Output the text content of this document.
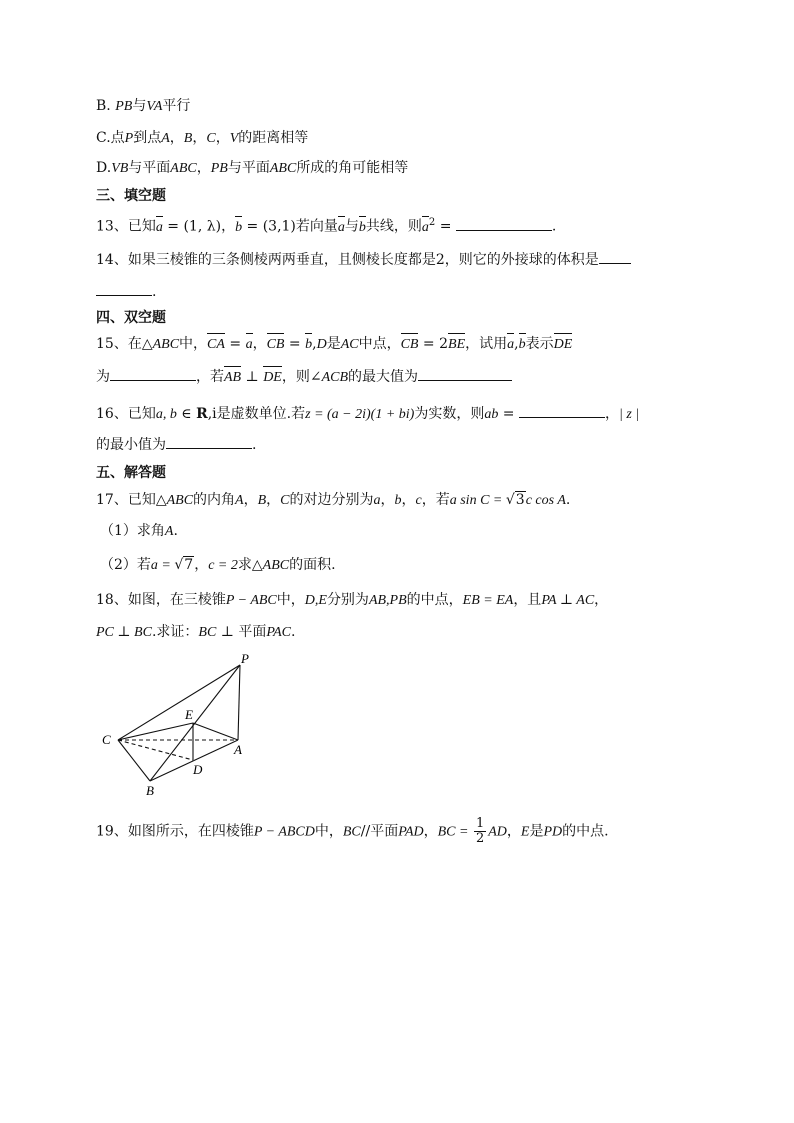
B. PB与VA平行
C.点P到点A，B，C，V的距离相等
D.VB与平面ABC，PB与平面ABC所成的角可能相等
三、填空题
13、已知a = (1, λ)，b = (3,1)若向量a与b共线，则$a^2$ =	.
14、如果三棱锥的三条侧棱两两垂直，且侧棱长度都是2，则它的外接球的体积是
.
四、双空题
15、在△ABC中，CA = a，CB = b,D是AC中点，CB = 2BE，试用a,b表示DE
为	，若AB ⊥ DE，则∠ACB的最大值为
16、已知a, b ∈ R,i是虚数单位.若z = (a − 2i)(1 + bi)为实数，则ab =	，| z |
的最小值为	.
五、解答题
17、已知△ABC的内角A，B，C的对边分别为a，b，c，若a sin C = √3c cos A.
（1）求角A.
（2）若a = √7，c = 2求△ABC的面积.
18、如图，在三棱锥P − ABC中，D,E分别为AB,PB的中点，EB = EA，且PA ⊥ AC，
PC ⊥ BC.求证：BC ⊥ 平面PAC.
P
E
C
A
D
B
19、如图所示，在四棱锥P − ABCD中，BC//平面PAD，BC = $\frac{1}{2}$ AD，E是PD的中点.
